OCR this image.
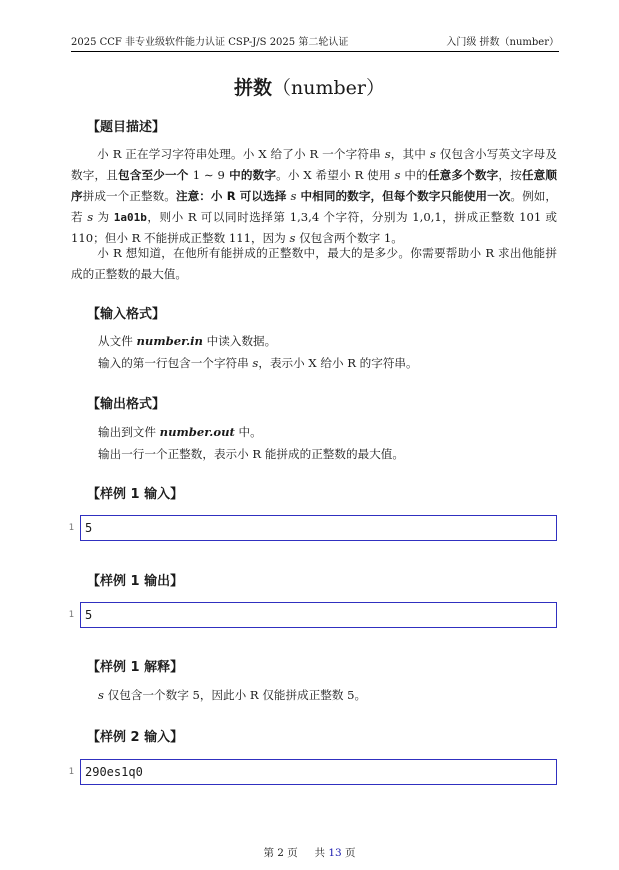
2025 CCF 非专业级软件能力认证 CSP-J/S 2025 第二轮认证	入门级 拼数（number）
拼数（number）
【题目描述】
小 R 正在学习字符串处理。小 X 给了小 R 一个字符串 s，其中 s 仅包含小写英文字母及数字，且包含至少一个 1 ∼ 9 中的数字。小 X 希望小 R 使用 s 中的任意多个数字，按任意顺序拼成一个正整数。注意：小 R 可以选择 s 中相同的数字，但每个数字只能使用一次。例如，若 s 为 1a01b，则小 R 可以同时选择第 1,3,4 个字符，分别为 1,0,1，拼成正整数 101 或 110；但小 R 不能拼成正整数 111，因为 s 仅包含两个数字 1。
小 R 想知道，在他所有能拼成的正整数中，最大的是多少。你需要帮助小 R 求出他能拼成的正整数的最大值。
【输入格式】
从文件 number.in 中读入数据。
输入的第一行包含一个字符串 s，表示小 X 给小 R 的字符串。
【输出格式】
输出到文件 number.out 中。
输出一行一个正整数，表示小 R 能拼成的正整数的最大值。
【样例 1 输入】
1 5
【样例 1 输出】
1 5
【样例 1 解释】
s 仅包含一个数字 5，因此小 R 仅能拼成正整数 5。
【样例 2 输入】
1 290es1q0
第 2 页 共 13 页
